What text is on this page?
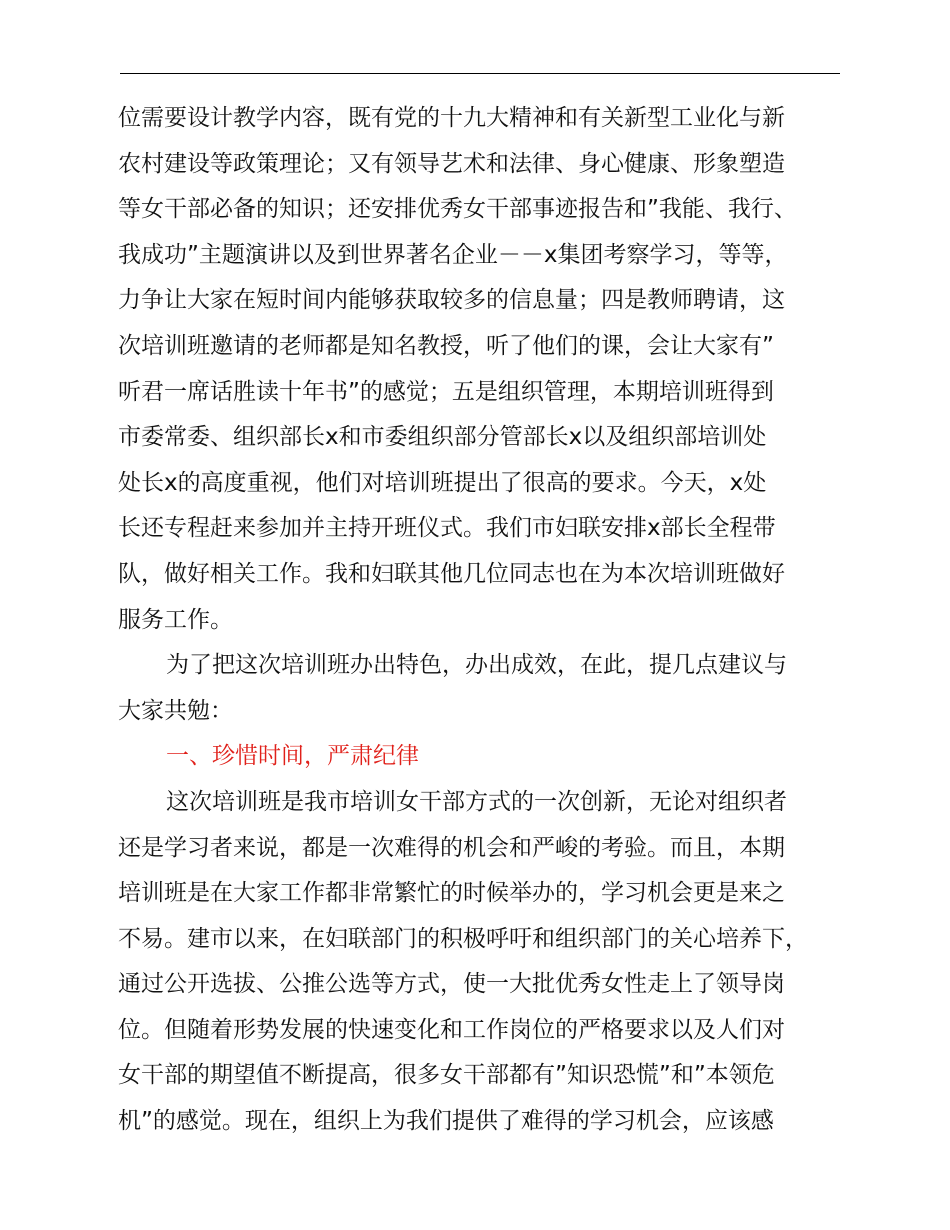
位需要设计教学内容，既有党的十九大精神和有关新型工业化与新
农村建设等政策理论；又有领导艺术和法律、身心健康、形象塑造
等女干部必备的知识；还安排优秀女干部事迹报告和”我能、我行、
我成功”主题演讲以及到世界著名企业－－x集团考察学习，等等，
力争让大家在短时间内能够获取较多的信息量；四是教师聘请，这
次培训班邀请的老师都是知名教授，听了他们的课，会让大家有”
听君一席话胜读十年书”的感觉；五是组织管理，本期培训班得到
市委常委、组织部长x和市委组织部分管部长x以及组织部培训处
处长x的高度重视，他们对培训班提出了很高的要求。今天，x处
长还专程赶来参加并主持开班仪式。我们市妇联安排x部长全程带
队，做好相关工作。我和妇联其他几位同志也在为本次培训班做好
服务工作。
为了把这次培训班办出特色，办出成效，在此，提几点建议与
大家共勉：
一、珍惜时间，严肃纪律
这次培训班是我市培训女干部方式的一次创新，无论对组织者
还是学习者来说，都是一次难得的机会和严峻的考验。而且，本期
培训班是在大家工作都非常繁忙的时候举办的，学习机会更是来之
不易。建市以来，在妇联部门的积极呼吁和组织部门的关心培养下，
通过公开选拔、公推公选等方式，使一大批优秀女性走上了领导岗
位。但随着形势发展的快速变化和工作岗位的严格要求以及人们对
女干部的期望值不断提高，很多女干部都有”知识恐慌”和”本领危
机”的感觉。现在，组织上为我们提供了难得的学习机会，应该感
